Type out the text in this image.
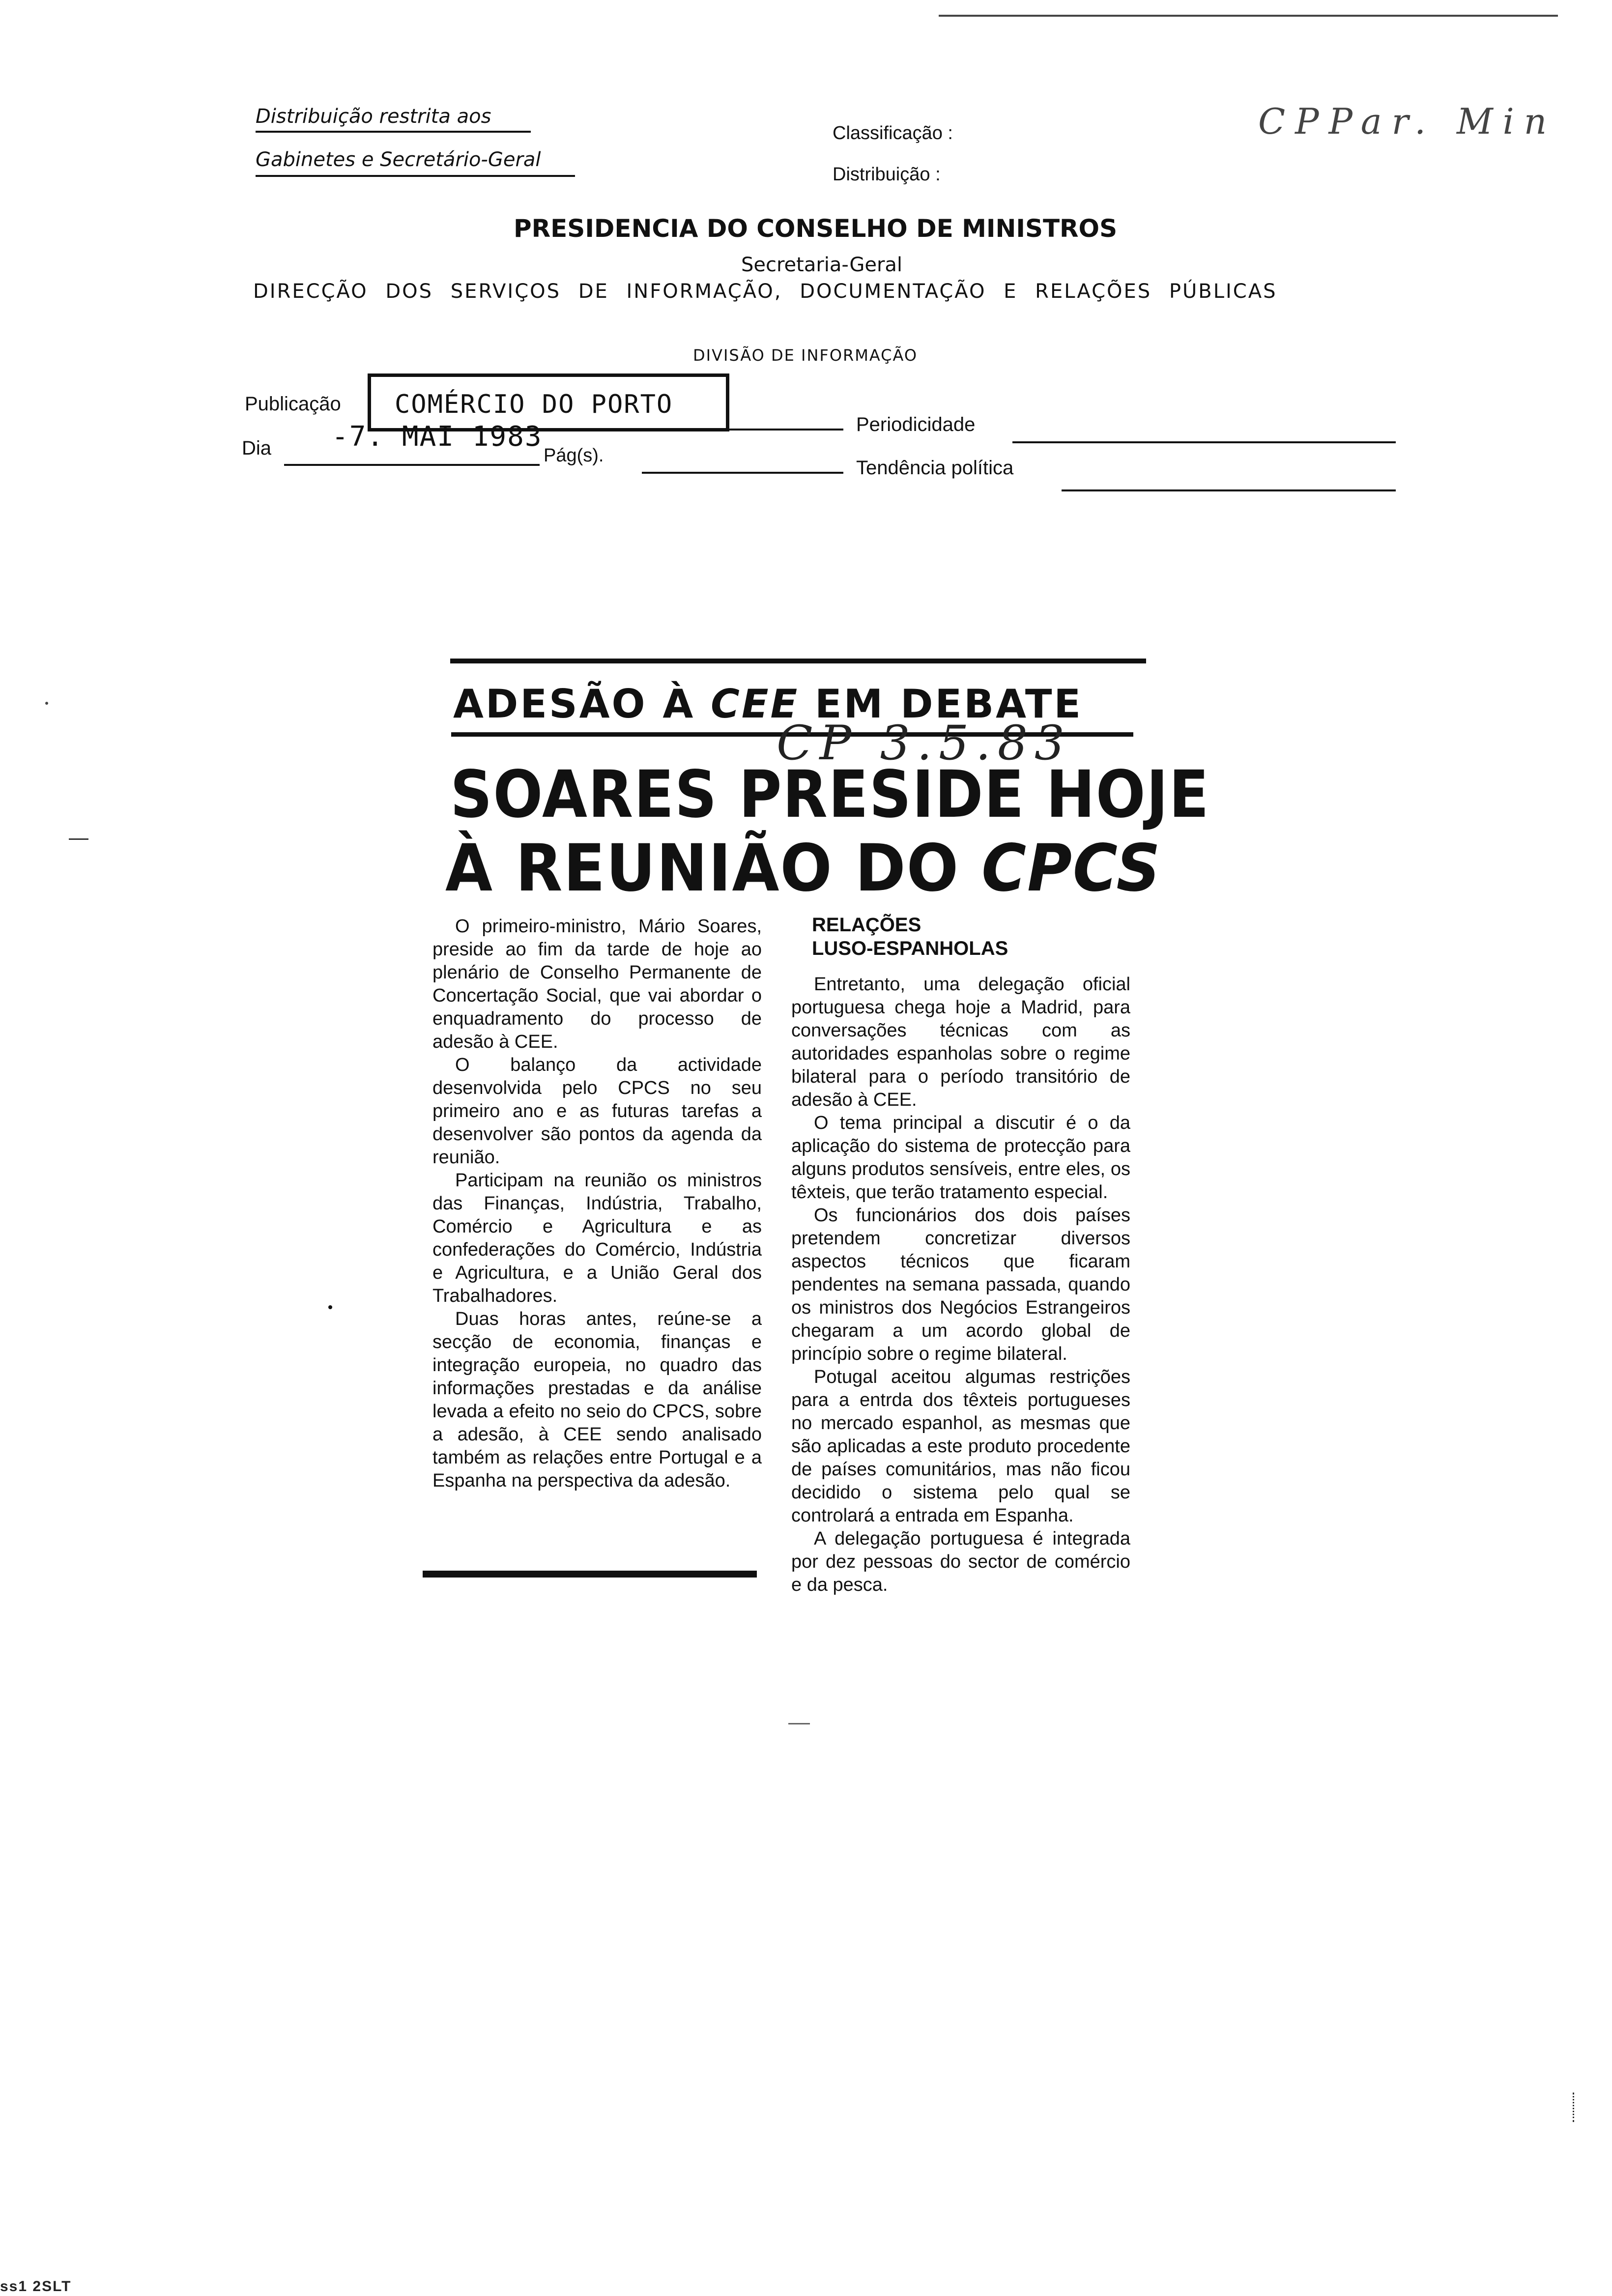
Distribuição restrita aos
Gabinetes e Secretário-Geral
Classificação :
Distribuição :
CPPar. Min
PRESIDENCIA DO CONSELHO DE MINISTROS
Secretaria-Geral
DIRECÇÃO DOS SERVIÇOS DE INFORMAÇÃO, DOCUMENTAÇÃO E RELAÇÕES PÚBLICAS
DIVISÃO DE INFORMAÇÃO
Publicação COMÉRCIO DO PORTO
Periodicidade
Dia -7. MAI 1983
Pág(s).
Tendência política
ADESÃO À CEE EM DEBATE
CP 3.5.83
SOARES PRESIDE HOJE
À REUNIÃO DO CPCS

O primeiro-ministro, Mário Soares, preside ao fim da tarde de hoje ao plenário de Conselho Permanente de Concertação Social, que vai abordar o enquadramento do processo de adesão à CEE.

O balanço da actividade desenvolvida pelo CPCS no seu primeiro ano e as futuras tarefas a desenvolver são pontos da agenda da reunião.

Participam na reunião os ministros das Finanças, Indústria, Trabalho, Comércio e Agricultura e as confederações do Comércio, Indústria e Agricultura, e a União Geral dos Trabalhadores.

Duas horas antes, reúne-se a secção de economia, finanças e integração europeia, no quadro das informações prestadas e da análise levada a efeito no seio do CPCS, sobre a adesão, à CEE sendo analisado também as relações entre Portugal e a Espanha na perspectiva da adesão.

RELAÇÕES
LUSO-ESPANHOLAS

Entretanto, uma delegação oficial portuguesa chega hoje a Madrid, para conversações técnicas com as autoridades espanholas sobre o regime bilateral para o período transitório de adesão à CEE.

O tema principal a discutir é o da aplicação do sistema de protecção para alguns produtos sensíveis, entre eles, os têxteis, que terão tratamento especial.

Os funcionários dos dois países pretendem concretizar diversos aspectos técnicos que ficaram pendentes na semana passada, quando os ministros dos Negócios Estrangeiros chegaram a um acordo global de princípio sobre o regime bilateral.

Potugal aceitou algumas restrições para a entrda dos têxteis portugueses no mercado espanhol, as mesmas que são aplicadas a este produto procedente de países comunitários, mas não ficou decidido o sistema pelo qual se controlará a entrada em Espanha.

A delegação portuguesa é integrada por dez pessoas do sector de comércio e da pesca.

ss1 2SLT
